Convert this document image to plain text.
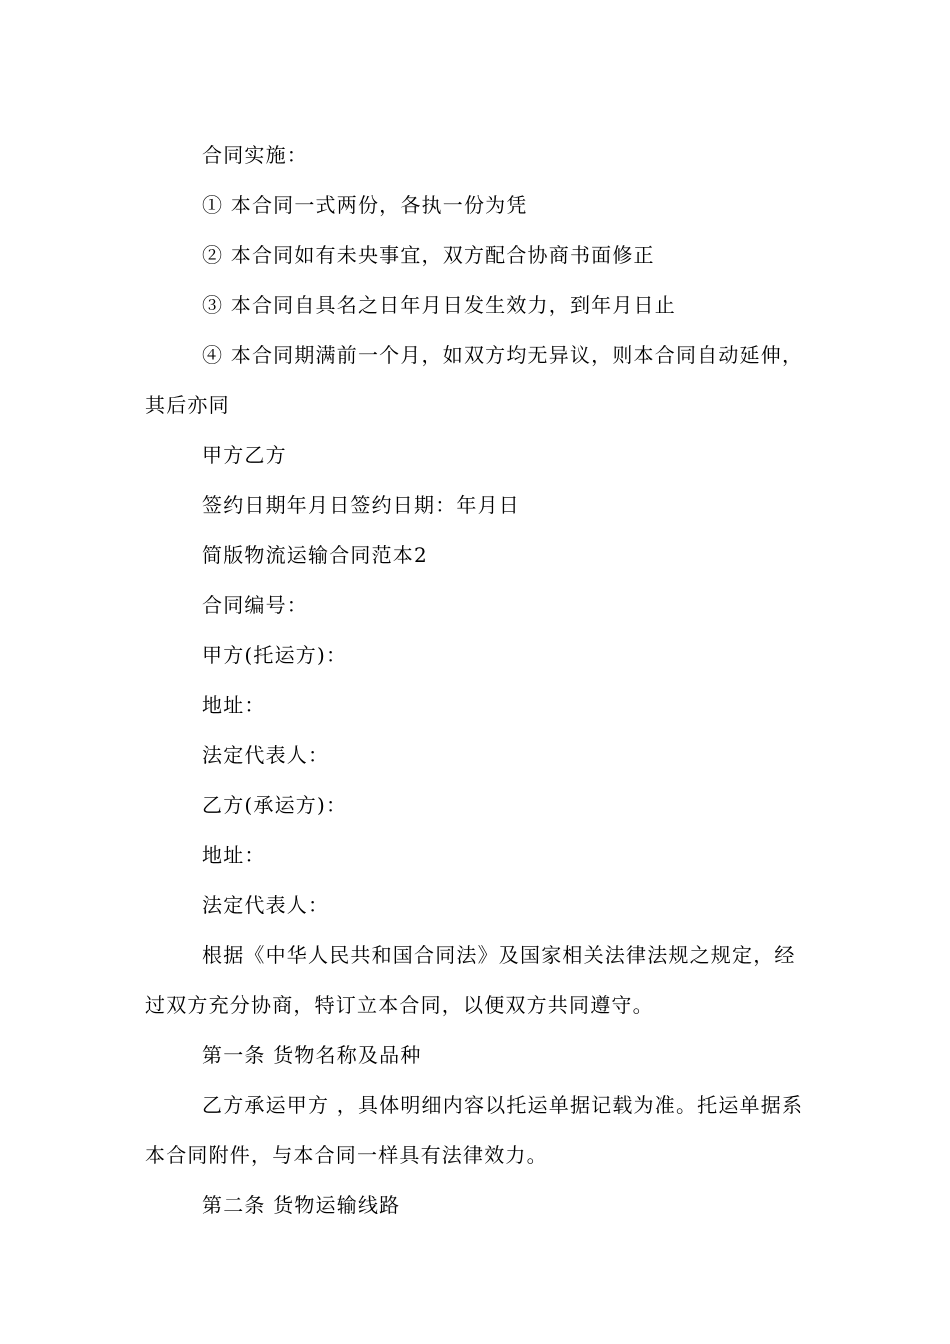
合同实施：

① 本合同一式两份，各执一份为凭

② 本合同如有未央事宜，双方配合协商书面修正

③ 本合同自具名之日年月日发生效力，到年月日止

④ 本合同期满前一个月，如双方均无异议，则本合同自动延伸，其后亦同

甲方乙方

签约日期年月日签约日期：年月日

简版物流运输合同范本2

合同编号：

甲方(托运方)：

地址：

法定代表人：

乙方(承运方)：

地址：

法定代表人：

根据《中华人民共和国合同法》及国家相关法律法规之规定，经过双方充分协商，特订立本合同，以便双方共同遵守。

第一条 货物名称及品种

乙方承运甲方 ，具体明细内容以托运单据记载为准。托运单据系本合同附件，与本合同一样具有法律效力。

第二条 货物运输线路
